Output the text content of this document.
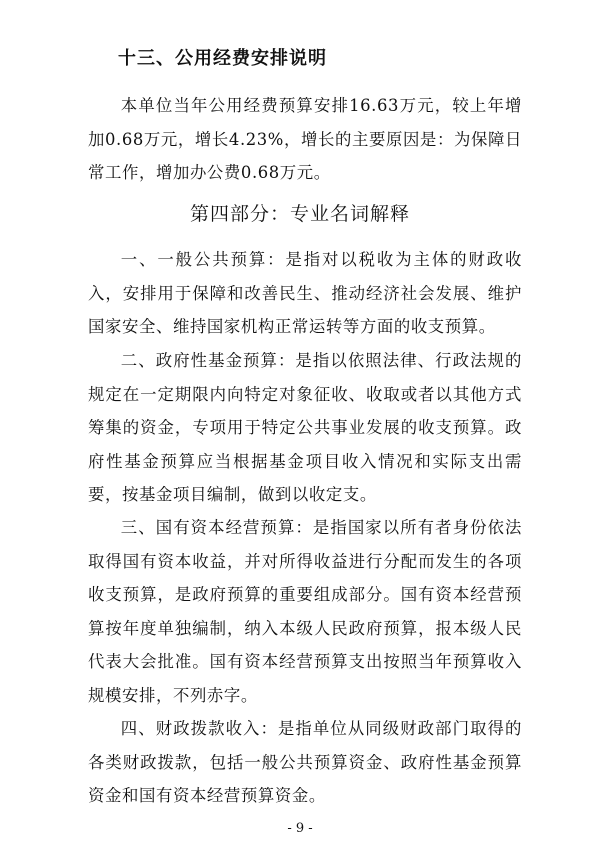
十三、公用经费安排说明

本单位当年公用经费预算安排16.63万元，较上年增加0.68万元，增长4.23%，增长的主要原因是：为保障日常工作，增加办公费0.68万元。

第四部分：专业名词解释

一、一般公共预算：是指对以税收为主体的财政收入，安排用于保障和改善民生、推动经济社会发展、维护国家安全、维持国家机构正常运转等方面的收支预算。

二、政府性基金预算：是指以依照法律、行政法规的规定在一定期限内向特定对象征收、收取或者以其他方式筹集的资金，专项用于特定公共事业发展的收支预算。政府性基金预算应当根据基金项目收入情况和实际支出需要，按基金项目编制，做到以收定支。

三、国有资本经营预算：是指国家以所有者身份依法取得国有资本收益，并对所得收益进行分配而发生的各项收支预算，是政府预算的重要组成部分。国有资本经营预算按年度单独编制，纳入本级人民政府预算，报本级人民代表大会批准。国有资本经营预算支出按照当年预算收入规模安排，不列赤字。

四、财政拨款收入：是指单位从同级财政部门取得的各类财政拨款，包括一般公共预算资金、政府性基金预算资金和国有资本经营预算资金。

- 9 -
